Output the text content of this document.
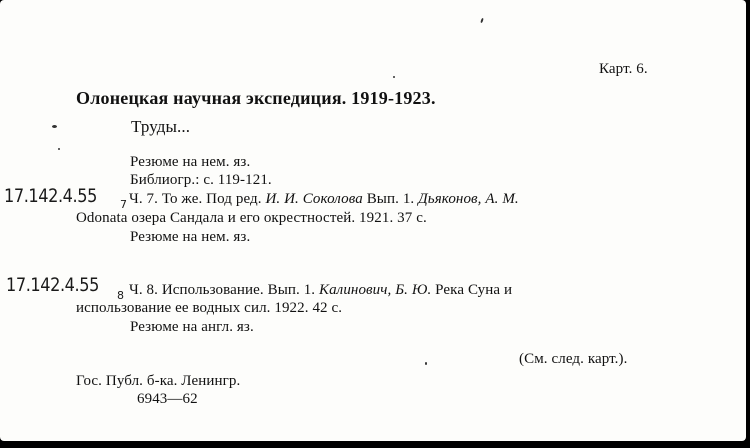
Карт. 6.
Олонецкая научная экспедиция. 1919-1923.
Труды...
Резюме на нем. яз.
Библиогр.: с. 119-121.
17.142.4.55 7 Ч. 7. То же. Под ред. И. И. Соколова Вып. 1. Дьяконов, А. М.
Odonata озера Сандала и его окрестностей. 1921. 37 с.
Резюме на нем. яз.
17.142.4.55 8 Ч. 8. Использование. Вып. 1. Калинович, Б. Ю. Река Суна и
использование ее водных сил. 1922. 42 с.
Резюме на англ. яз.
(См. след. карт.).
Гос. Публ. б-ка. Ленингр.
6943—62
